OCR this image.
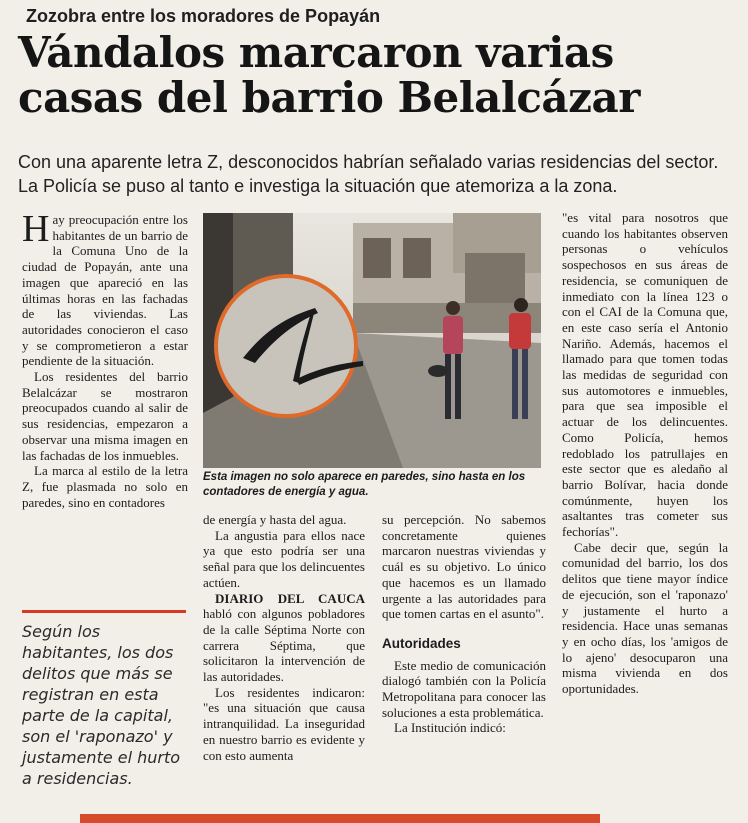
Zozobra entre los moradores de Popayán
Vándalos marcaron varias casas del barrio Belalcázar
Con una aparente letra Z, desconocidos habrían señalado varias residencias del sector. La Policía se puso al tanto e investiga la situación que atemoriza a la zona.

Hay preocupación entre los habitantes de un barrio de la Comuna Uno de la ciudad de Popayán, ante una imagen que apareció en las últimas horas en las fachadas de las viviendas. Las autoridades conocieron el caso y se comprometieron a estar pendiente de la situación.

Los residentes del barrio Belalcázar se mostraron preocupados cuando al salir de sus residencias, empezaron a observar una misma imagen en las fachadas de los inmuebles.

La marca al estilo de la letra Z, fue plasmada no solo en paredes, sino en contadores

Según los habitantes, los dos delitos que más se registran en esta parte de la capital, son el 'raponazo' y justamente el hurto a residencias.
Esta imagen no solo aparece en paredes, sino hasta en los contadores de energía y agua.

de energía y hasta del agua.

La angustia para ellos nace ya que esto podría ser una señal para que los delincuentes actúen.

DIARIO DEL CAUCA habló con algunos pobladores de la calle Séptima Norte con carrera Séptima, que solicitaron la intervención de las autoridades.

Los residentes indicaron: "es una situación que causa intranquilidad. La inseguridad en nuestro barrio es evidente y con esto aumenta

su percepción. No sabemos concretamente quienes marcaron nuestras viviendas y cuál es su objetivo. Lo único que hacemos es un llamado urgente a las autoridades para que tomen cartas en el asunto".

Autoridades

Este medio de comunicación dialogó también con la Policía Metropolitana para conocer las soluciones a esta problemática.

La Institución indicó:

"es vital para nosotros que cuando los habitantes observen personas o vehículos sospechosos en sus áreas de residencia, se comuniquen de inmediato con la línea 123 o con el CAI de la Comuna que, en este caso sería el Antonio Nariño. Además, hacemos el llamado para que tomen todas las medidas de seguridad con sus automotores e inmuebles, para que sea imposible el actuar de los delincuentes. Como Policía, hemos redoblado los patrullajes en este sector que es aledaño al barrio Bolívar, hacia donde comúnmente, huyen los asaltantes tras cometer sus fechorías".

Cabe decir que, según la comunidad del barrio, los dos delitos que tiene mayor índice de ejecución, son el 'raponazo' y justamente el hurto a residencia. Hace unas semanas y en ocho días, los 'amigos de lo ajeno' desocuparon una misma vivienda en dos oportunidades.
